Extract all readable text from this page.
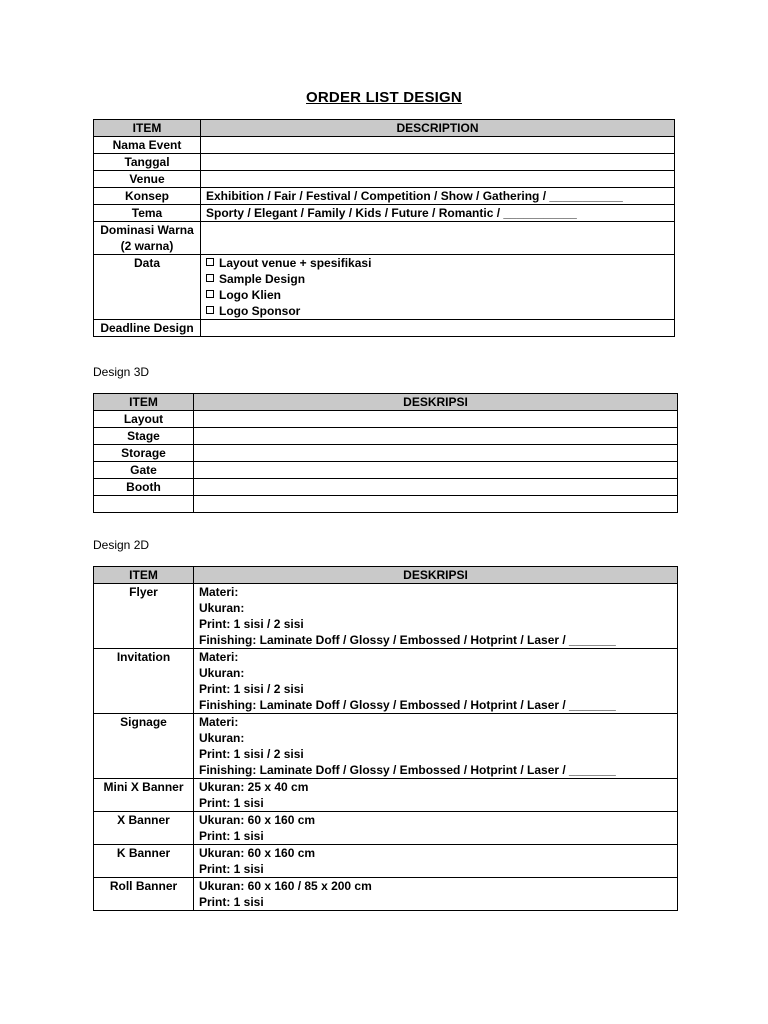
ORDER LIST DESIGN
ITEM	DESCRIPTION
Nama Event	
Tanggal	
Venue	
Konsep	Exhibition / Fair / Festival / Competition / Show / Gathering / ___________
Tema	Sporty / Elegant / Family / Kids / Future / Romantic / ___________

Dominasi Warna
(2 warna)	

Data	Layout venue + spesifikasi
Sample Design
Logo Klien
Logo Sponsor

Deadline Design	
Design 3D
ITEM	DESKRIPSI
Layout	
Stage	
Storage	
Gate	
Booth	

Design 2D
ITEM	DESKRIPSI
Flyer	Materi:
Ukuran:
Print: 1 sisi / 2 sisi
Finishing: Laminate Doff / Glossy / Embossed / Hotprint / Laser / _______

Invitation	Materi:
Ukuran:
Print: 1 sisi / 2 sisi
Finishing: Laminate Doff / Glossy / Embossed / Hotprint / Laser / _______

Signage	Materi:
Ukuran:
Print: 1 sisi / 2 sisi
Finishing: Laminate Doff / Glossy / Embossed / Hotprint / Laser / _______

Mini X Banner	Ukuran: 25 x 40 cm
Print: 1 sisi

X Banner	Ukuran: 60 x 160 cm
Print: 1 sisi

K Banner	Ukuran: 60 x 160 cm
Print: 1 sisi

Roll Banner	Ukuran: 60 x 160 / 85 x 200 cm
Print: 1 sisi
